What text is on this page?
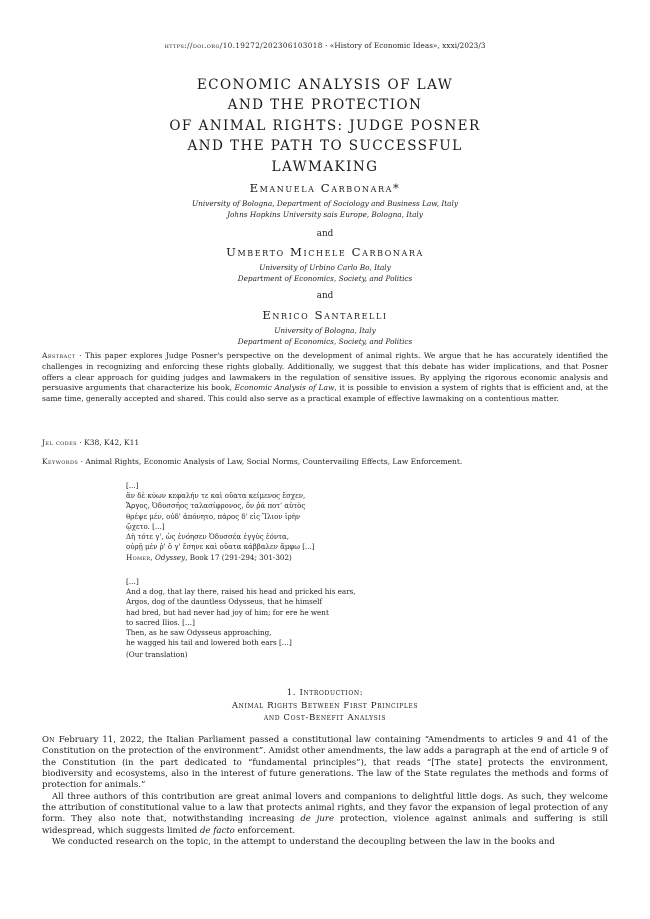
https://doi.org/10.19272/202306103018 · «History of Economic Ideas», xxxi/2023/3
ECONOMIC ANALYSIS OF LAW
AND THE PROTECTION
OF ANIMAL RIGHTS: JUDGE POSNER
AND THE PATH TO SUCCESSFUL
LAWMAKING
Emanuela Carbonara*
University of Bologna, Department of Sociology and Business Law, Italy
Johns Hopkins University sais Europe, Bologna, Italy
and
Umberto Michele Carbonara
University of Urbino Carlo Bo, Italy
Department of Economics, Society, and Politics
and
Enrico Santarelli
University of Bologna, Italy
Department of Economics, Society, and Politics
Abstract · This paper explores Judge Posner's perspective on the development of animal rights. We argue that he has accurately identified the challenges in recognizing and enforcing these rights globally. Additionally, we suggest that this debate has wider implications, and that Posner offers a clear approach for guiding judges and lawmakers in the regulation of sensitive issues. By applying the rigorous economic analysis and persuasive arguments that characterize his book, Economic Analysis of Law, it is possible to envision a system of rights that is efficient and, at the same time, generally accepted and shared. This could also serve as a practical example of effective lawmaking on a contentious matter.
Jel codes · K38, K42, K11
Keywords · Animal Rights, Economic Analysis of Law, Social Norms, Countervailing Effects, Law Enforcement.
[…]
ἂν δὲ κύων κεφαλήν τε καὶ οὔατα κείμενος ἔσχεν,
Ἄργος, Ὀδυσσῆος ταλασίφρονος, ὅν ῥά ποτ' αὐτὸς
θρέψε μέν, οὐδ' ἀπόνητο, πάρος δ' εἰς Ἴλιον ἱρὴν
ᾤχετο. […]
Δὴ τότε γ', ὡς ἐνόησεν Ὀδυσσέα ἐγγὺς ἐόντα,
οὐρῇ μέν ῥ' ὅ γ' ἔσηνε καὶ οὔατα κάββαλεν ἄμφω […]
Homer, Odyssey, Book 17 (291-294; 301-302)
[…]
And a dog, that lay there, raised his head and pricked his ears,
Argos, dog of the dauntless Odysseus, that he himself
had bred, but had never had joy of him; for ere he went
to sacred Ilios. […]
Then, as he saw Odysseus approaching,
he wagged his tail and lowered both ears […]
(Our translation)
1. Introduction:
Animal Rights Between First Principles
and Cost-Benefit Analysis

On February 11, 2022, the Italian Parliament passed a constitutional law containing “Amendments to articles 9 and 41 of the Constitution on the protection of the environment”. Amidst other amendments, the law adds a paragraph at the end of article 9 of the Constitution (in the part dedicated to “fundamental principles”), that reads “[The state] protects the environment, biodiversity and ecosystems, also in the interest of future generations. The law of the State regulates the methods and forms of protection for animals.”

All three authors of this contribution are great animal lovers and companions to delightful little dogs. As such, they welcome the attribution of constitutional value to a law that protects animal rights, and they favor the expansion of legal protection of any form. They also note that, notwithstanding increasing de jure protection, violence against animals and suffering is still widespread, which suggests limited de facto enforcement.

We conducted research on the topic, in the attempt to understand the decoupling between the law in the books and
